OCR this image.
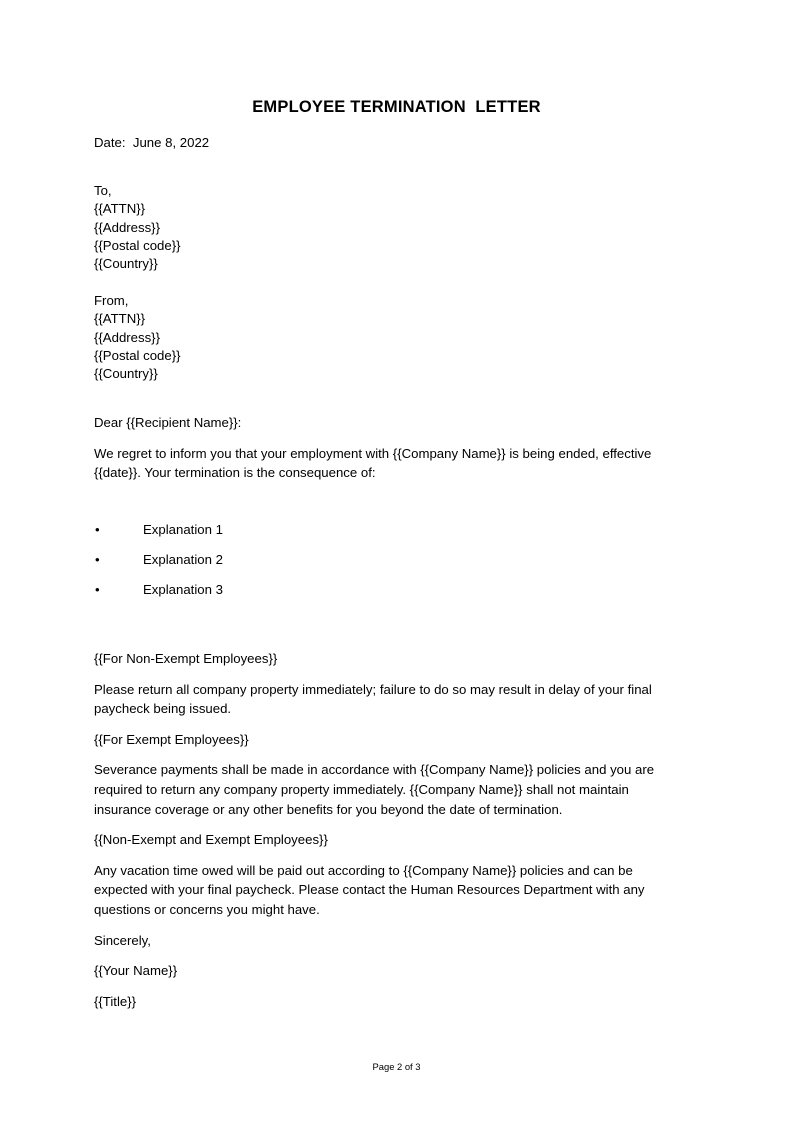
EMPLOYEE TERMINATION  LETTER
Date:  June 8, 2022
To,
{{ATTN}}
{{Address}}
{{Postal code}}
{{Country}}
From,
{{ATTN}}
{{Address}}
{{Postal code}}
{{Country}}

Dear {{Recipient Name}}:

We regret to inform you that your employment with {{Company Name}} is being ended, effective {{date}}. Your termination is the consequence of:

•	Explanation 1
•	Explanation 2
•	Explanation 3

{{For Non-Exempt Employees}}

Please return all company property immediately; failure to do so may result in delay of your final paycheck being issued.

{{For Exempt Employees}}

Severance payments shall be made in accordance with {{Company Name}} policies and you are required to return any company property immediately. {{Company Name}} shall not maintain insurance coverage or any other benefits for you beyond the date of termination.

{{Non-Exempt and Exempt Employees}}

Any vacation time owed will be paid out according to {{Company Name}} policies and can be expected with your final paycheck. Please contact the Human Resources Department with any questions or concerns you might have.

Sincerely,

{{Your Name}}

{{Title}}

Page 2 of 3
